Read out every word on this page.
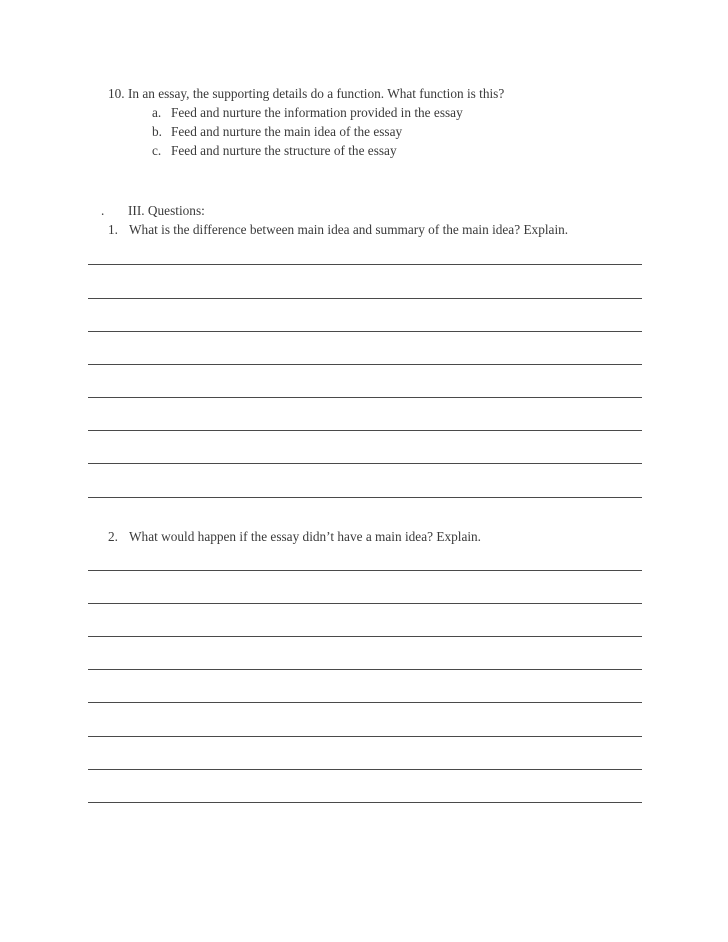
10. In an essay, the supporting details do a function. What function is this?
a. Feed and nurture the information provided in the essay
b. Feed and nurture the main idea of the essay
c. Feed and nurture the structure of the essay
. III. Questions:
1. What is the difference between main idea and summary of the main idea? Explain.
2. What would happen if the essay didn’t have a main idea? Explain.
